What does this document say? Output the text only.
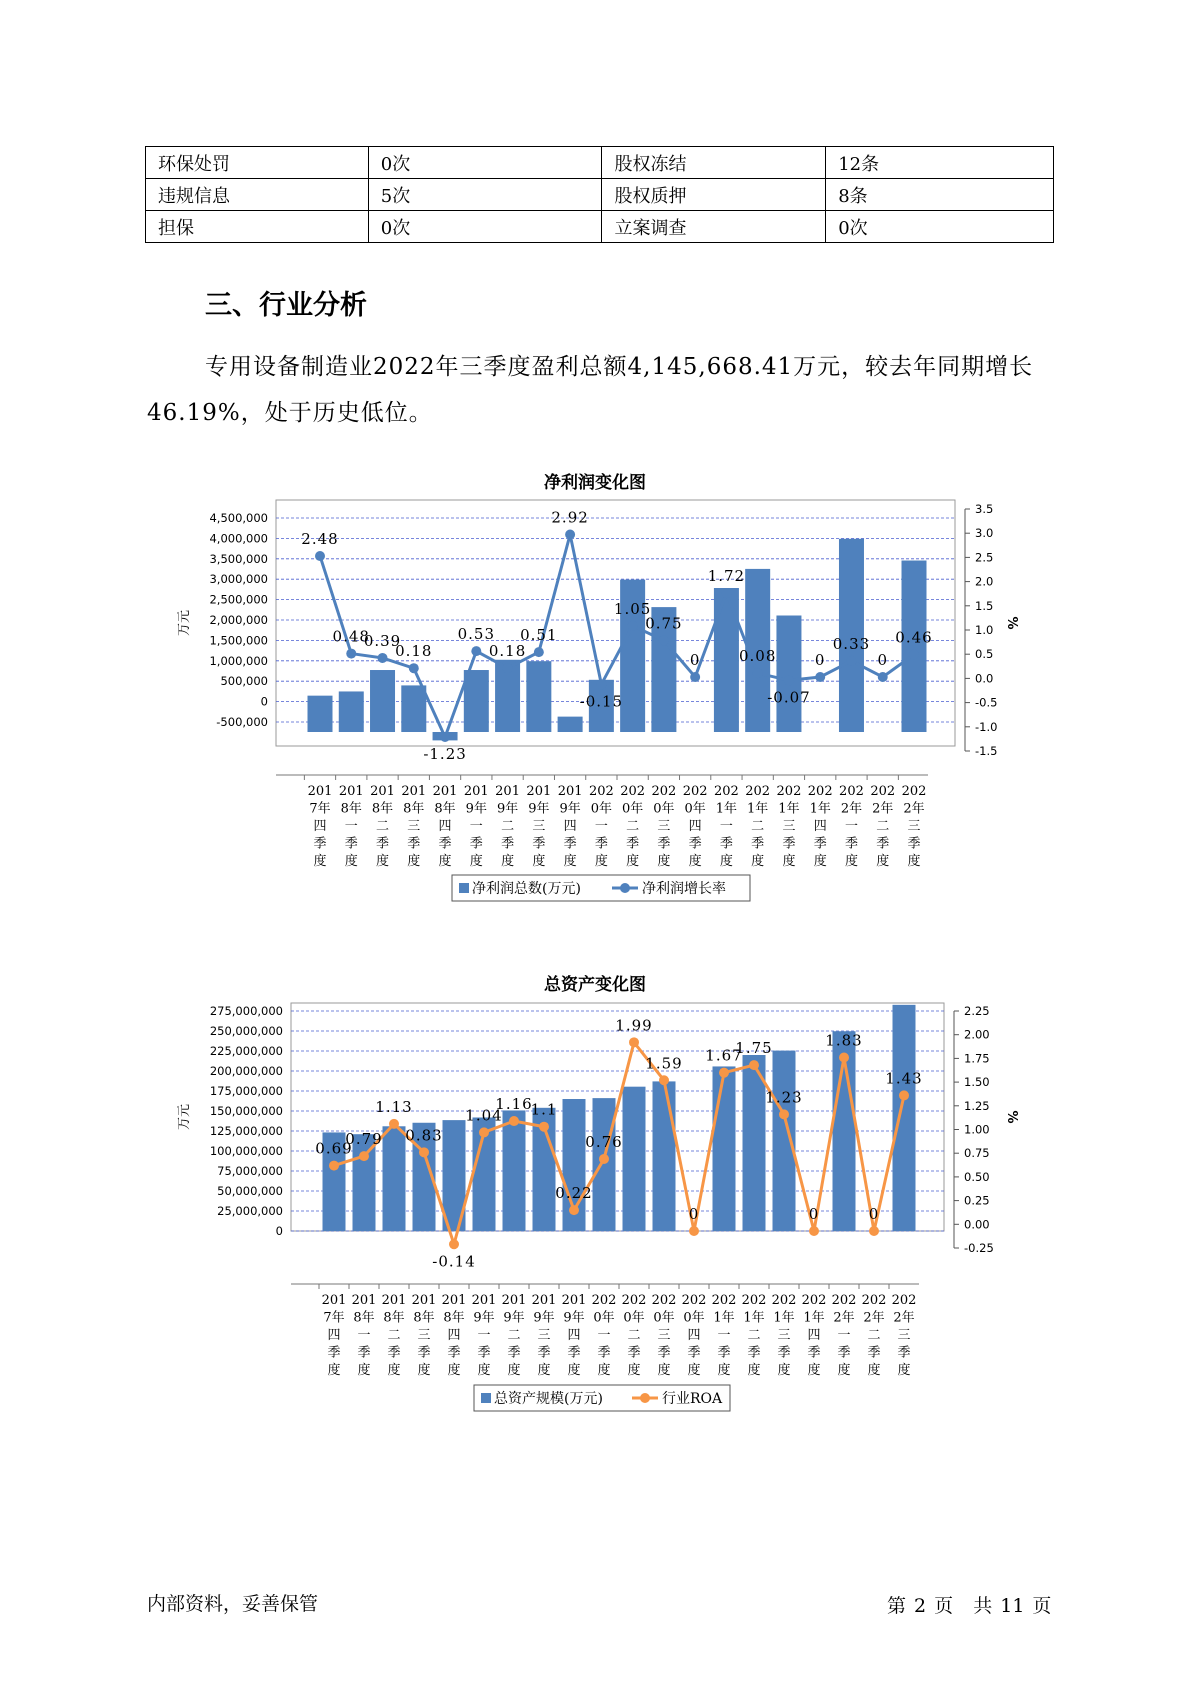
环保处罚	0次	股权冻结	12条
违规信息	5次	股权质押	8条
担保	0次	立案调查	0次
三、行业分析
专用设备制造业2022年三季度盈利总额4,145,668.41万元，较去年同期增长46.19%，处于历史低位。
净利润变化图
4,500,000
4,000,000
3,500,000
3,000,000
2,500,000
2,000,000
1,500,000
1,000,000
500,000
0
-500,000
3.5
3.0
2.5
2.0
1.5
1.0
0.5
0.0
-0.5
-1.0
-1.5
万元	%
2.48
0.48
0.39
0.18
-1.23
0.53
0.18
0.51
2.92
-0.15
1.05
0.75
0
1.72
0.08
-0.07
0
0.33
0
0.46
201
7年
四
季
度
201
8年
一
季
度
201
8年
二
季
度
201
8年
三
季
度
201
8年
四
季
度
201
9年
一
季
度
201
9年
二
季
度
201
9年
三
季
度
201
9年
四
季
度
202
0年
一
季
度
202
0年
二
季
度
202
0年
三
季
度
202
0年
四
季
度
202
1年
一
季
度
202
1年
二
季
度
202
1年
三
季
度
202
1年
四
季
度
202
2年
一
季
度
202
2年
二
季
度
202
2年
三
季
度
净利润总数(万元)	净利润增长率
总资产变化图
275,000,000
250,000,000
225,000,000
200,000,000
175,000,000
150,000,000
125,000,000
100,000,000
75,000,000
50,000,000
25,000,000
0
2.25
2.00
1.75
1.50
1.25
1.00
0.75
0.50
0.25
0.00
-0.25
万元	%
0.69
0.79
1.13
0.83
-0.14
1.04
1.16
1.1
0.22
0.76
1.99
1.59
0
1.67
1.75
1.23
0
1.83
0
1.43
201
7年
四
季
度
201
8年
一
季
度
201
8年
二
季
度
201
8年
三
季
度
201
8年
四
季
度
201
9年
一
季
度
201
9年
二
季
度
201
9年
三
季
度
201
9年
四
季
度
202
0年
一
季
度
202
0年
二
季
度
202
0年
三
季
度
202
0年
四
季
度
202
1年
一
季
度
202
1年
二
季
度
202
1年
三
季
度
202
1年
四
季
度
202
2年
一
季
度
202
2年
二
季
度
202
2年
三
季
度
总资产规模(万元)	行业ROA
内部资料，妥善保管	第 2 页 共 11 页
